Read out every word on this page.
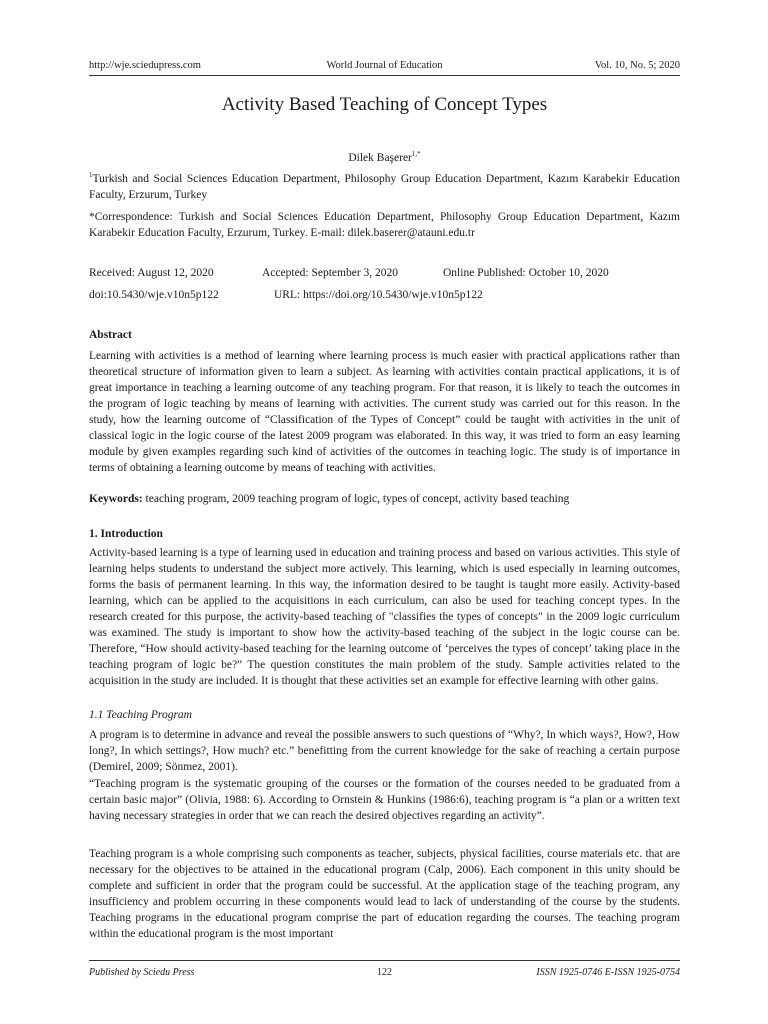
http://wje.sciedupress.com	World Journal of Education	Vol. 10, No. 5; 2020
Activity Based Teaching of Concept Types
Dilek Başerer$^{1,*}$

$^1$Turkish and Social Sciences Education Department, Philosophy Group Education Department, Kazım Karabekir Education Faculty, Erzurum, Turkey

*Correspondence: Turkish and Social Sciences Education Department, Philosophy Group Education Department, Kazım Karabekir Education Faculty, Erzurum, Turkey. E-mail: dilek.baserer@atauni.edu.tr

Received: August 12, 2020	Accepted: September 3, 2020	Online Published: October 10, 2020
doi:10.5430/wje.v10n5p122	URL: https://doi.org/10.5430/wje.v10n5p122
Abstract

Learning with activities is a method of learning where learning process is much easier with practical applications rather than theoretical structure of information given to learn a subject. As learning with activities contain practical applications, it is of great importance in teaching a learning outcome of any teaching program. For that reason, it is likely to teach the outcomes in the program of logic teaching by means of learning with activities. The current study was carried out for this reason. In the study, how the learning outcome of “Classification of the Types of Concept” could be taught with activities in the unit of classical logic in the logic course of the latest 2009 program was elaborated. In this way, it was tried to form an easy learning module by given examples regarding such kind of activities of the outcomes in teaching logic. The study is of importance in terms of obtaining a learning outcome by means of teaching with activities.

Keywords: teaching program, 2009 teaching program of logic, types of concept, activity based teaching

1. Introduction

Activity-based learning is a type of learning used in education and training process and based on various activities. This style of learning helps students to understand the subject more actively. This learning, which is used especially in learning outcomes, forms the basis of permanent learning. In this way, the information desired to be taught is taught more easily. Activity-based learning, which can be applied to the acquisitions in each curriculum, can also be used for teaching concept types. In the research created for this purpose, the activity-based teaching of "classifies the types of concepts" in the 2009 logic curriculum was examined. The study is important to show how the activity-based teaching of the subject in the logic course can be. Therefore, “How should activity-based teaching for the learning outcome of ‘perceives the types of concept’ taking place in the teaching program of logic be?” The question constitutes the main problem of the study. Sample activities related to the acquisition in the study are included. It is thought that these activities set an example for effective learning with other gains.

1.1 Teaching Program

A program is to determine in advance and reveal the possible answers to such questions of “Why?, In which ways?, How?, How long?, In which settings?, How much? etc.” benefitting from the current knowledge for the sake of reaching a certain purpose (Demirel, 2009; Sönmez, 2001).

“Teaching program is the systematic grouping of the courses or the formation of the courses needed to be graduated from a certain basic major” (Olivia, 1988: 6). According to Ornstein & Hunkins (1986:6), teaching program is “a plan or a written text having necessary strategies in order that we can reach the desired objectives regarding an activity”.

Teaching program is a whole comprising such components as teacher, subjects, physical facilities, course materials etc. that are necessary for the objectives to be attained in the educational program (Calp, 2006). Each component in this unity should be complete and sufficient in order that the program could be successful. At the application stage of the teaching program, any insufficiency and problem occurring in these components would lead to lack of understanding of the course by the students. Teaching programs in the educational program comprise the part of education regarding the courses. The teaching program within the educational program is the most important

Published by Sciedu Press	122	ISSN 1925-0746 E-ISSN 1925-0754
